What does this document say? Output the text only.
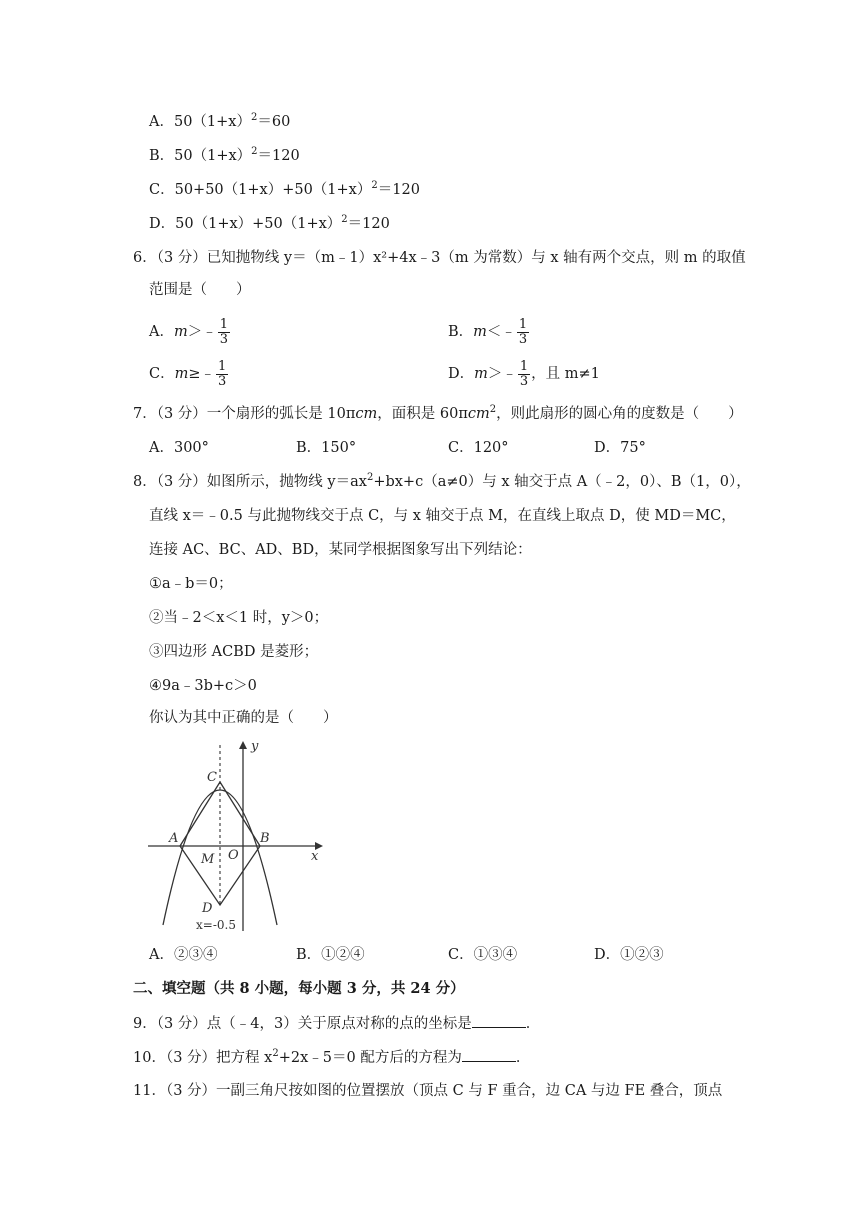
A．$50(1+x)^2=60$
B．$50(1+x)^2=120$
C．$50+50(1+x)+50(1+x)^2=120$
D．$50(1+x)+50(1+x)^2=120$
6．（3 分）已知抛物线 y＝（m﹣1）x²+4x﹣3（m 为常数）与 x 轴有两个交点，则 m 的取值
范围是（　　）
A．m＞﹣ $\frac{1}{3}$	B．m＜﹣ $\frac{1}{3}$
C．m≥﹣ $\frac{1}{3}$	D．m＞﹣ $\frac{1}{3}$ ，且 m≠1
7．（3 分）一个扇形的弧长是 10πcm，面积是 60πcm$^2$，则此扇形的圆心角的度数是（　　）
A．300°	B．150°	C．120°	D．75°
8．（3 分）如图所示，抛物线 $y=ax^2+bx+c(a\ne 0)$与 x 轴交于点 A（﹣2，0）、B（1，0），
直线 x＝﹣0.5 与此抛物线交于点 C，与 x 轴交于点 M，在直线上取点 D，使 MD＝MC，
连接 AC、BC、AD、BD，某同学根据图象写出下列结论：
①a﹣b＝0；
②当﹣2＜x＜1 时，y＞0；
③四边形 ACBD 是菱形；
④9a﹣3b+c＞0
你认为其中正确的是（　　）
y
x
C
A	B
M O
D
x=-0.5
A．②③④	B．①②④	C．①③④	D．①②③
二、填空题（共 8 小题，每小题 3 分，共 24 分）
9．（3 分）点（﹣4，3）关于原点对称的点的坐标是	．
10．（3 分）把方程 $x^2+2x﹣5=0$ 配方后的方程为	．
11．（3 分）一副三角尺按如图的位置摆放（顶点 C 与 F 重合，边 CA 与边 FE 叠合，顶点
